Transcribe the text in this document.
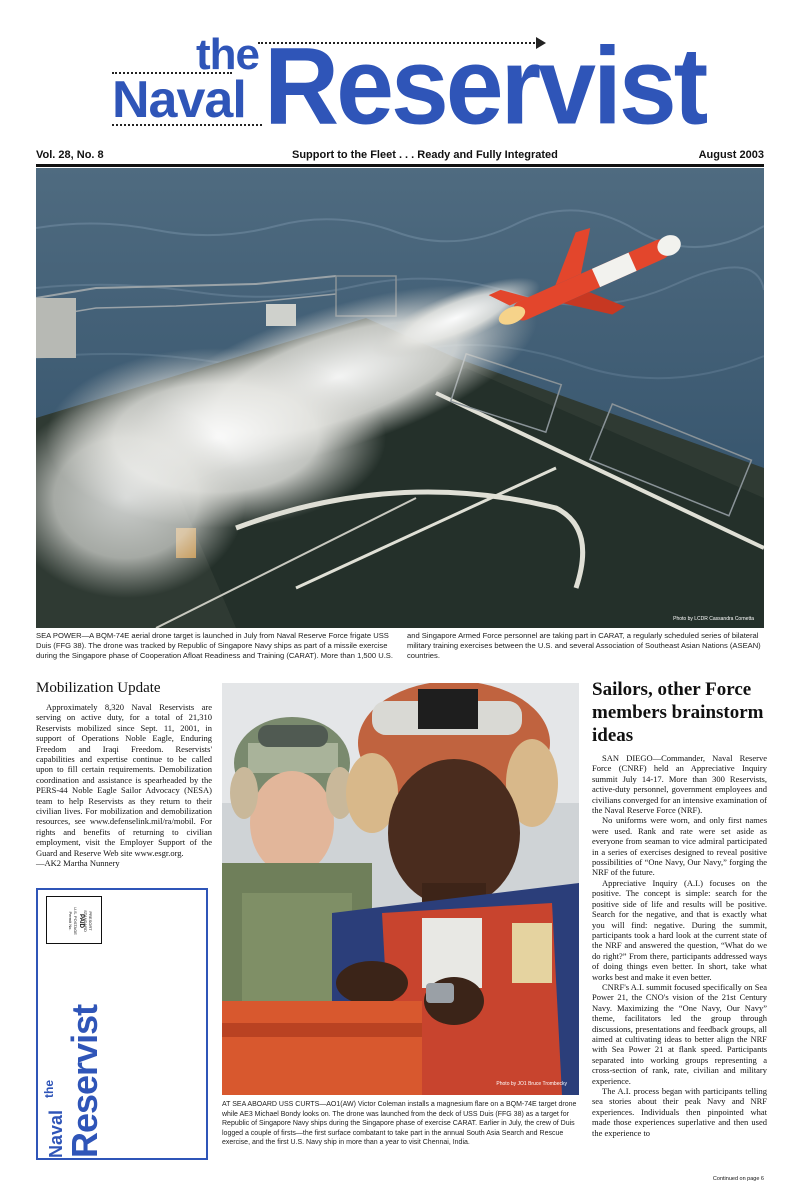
the
Naval Reservist
Vol. 28, No. 8	Support to the Fleet . . . Ready and Fully Integrated	August 2003
Photo by LCDR Cassandra Cornetta
SEA POWER—A BQM-74E aerial drone target is launched in July from Naval Reserve Force frigate USS Duis (FFG 38). The drone was tracked by Republic of Singapore Navy ships as part of a missile exercise during the Singapore phase of Cooperation Afloat Readiness and Training (CARAT). More than 1,500 U.S. and Singapore Armed Force personnel are taking part in CARAT, a regularly scheduled series of bilateral military training exercises between the U.S. and several Association of Southeast Asian Nations (ASEAN) countries.
Mobilization Update

Approximately 8,320 Naval Reservists are serving on active duty, for a total of 21,310 Reservists mobilized since Sept. 11, 2001, in support of Operations Noble Eagle, Enduring Freedom and Iraqi Freedom. Reservists' capabilities and expertise continue to be called upon to fill certain requirements. Demobilization coordination and assistance is spearheaded by the PERS-44 Noble Eagle Sailor Advocacy (NESA) team to help Reservists as they return to their civilian lives. For mobilization and demobilization resources, see www.defenselink.mil/ra/mobil. For rights and benefits of returning to civilian employment, visit the Employer Support of the Guard and Reserve Web site www.esgr.org.

—AK2 Martha Nunnery

PRESORT STANDARD

PAID
U.S. POSTAGE
Permit No.
the
Naval
Reservist	Photo by JO1 Bruce Trombecky
AT SEA ABOARD USS CURTS—AO1(AW) Victor Coleman installs a magnesium flare on a BQM-74E target drone while AE3 Michael Bondy looks on. The drone was launched from the deck of USS Duis (FFG 38) as a target for Republic of Singapore Navy ships during the Singapore phase of exercise CARAT. Earlier in July, the crew of Duis logged a couple of firsts—the first surface combatant to take part in the annual South Asia Search and Rescue exercise, and the first U.S. Navy ship in more than a year to visit Chennai, India.
Sailors, other Force members brainstorm ideas

SAN DIEGO—Commander, Naval Reserve Force (CNRF) held an Appreciative Inquiry summit July 14-17. More than 300 Reservists, active-duty personnel, government employees and civilians converged for an intensive examination of the Naval Reserve Force (NRF).

No uniforms were worn, and only first names were used. Rank and rate were set aside as everyone from seaman to vice admiral participated in a series of exercises designed to reveal positive possibilities of “One Navy, Our Navy,” forging the NRF of the future.

Appreciative Inquiry (A.I.) focuses on the positive. The concept is simple: search for the positive side of life and results will be positive. Search for the negative, and that is exactly what you will find: negative. During the summit, participants took a hard look at the current state of the NRF and answered the question, “What do we do right?” From there, participants addressed ways of doing things even better. In short, take what works best and make it even better.

CNRF's A.I. summit focused specifically on Sea Power 21, the CNO's vision of the 21st Century Navy. Maximizing the “One Navy, Our Navy” theme, facilitators led the group through discussions, presentations and feedback groups, all aimed at cultivating ideas to better align the NRF with Sea Power 21 at flank speed. Participants separated into working groups representing a cross-section of rank, rate, civilian and military experience.

The A.I. process began with participants telling sea stories about their peak Navy and NRF experiences. Individuals then pinpointed what made those experiences superlative and then used the experience to

Continued on page 6
